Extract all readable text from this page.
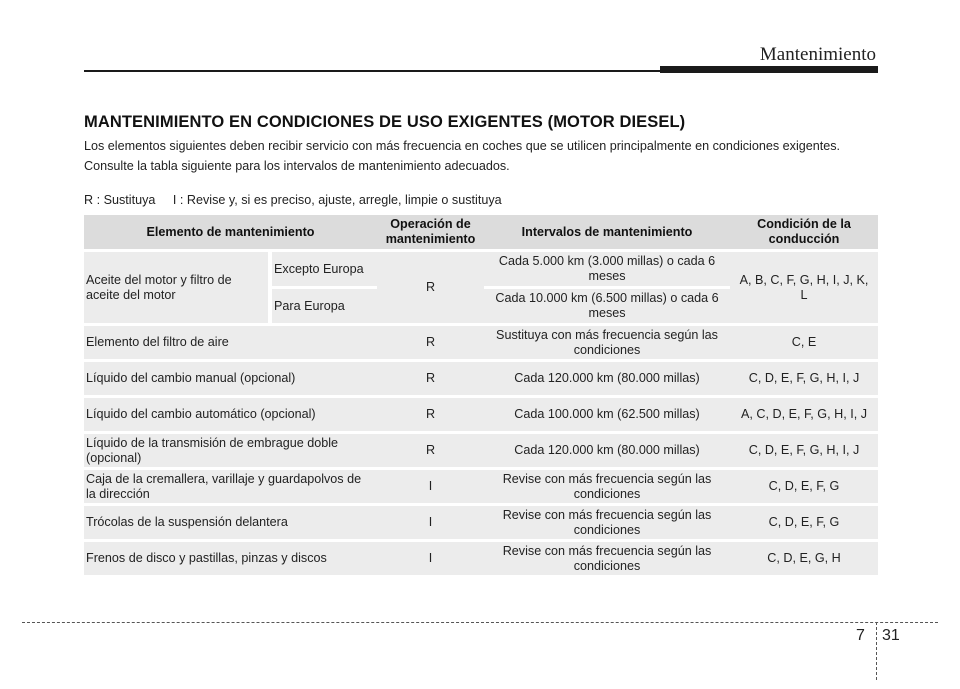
Mantenimiento
MANTENIMIENTO EN CONDICIONES DE USO EXIGENTES (MOTOR DIESEL)

Los elementos siguientes deben recibir servicio con más frecuencia en coches que se utilicen principalmente en condiciones exigentes.

Consulte la tabla siguiente para los intervalos de mantenimiento adecuados.

R : Sustituya     I : Revise y, si es preciso, ajuste, arregle, limpie o sustituya
Elemento de mantenimiento		Operación de mantenimiento	Intervalos de mantenimiento	Condición de la conducción
Aceite del motor y filtro de aceite del motor	Excepto Europa	R	Cada 5.000 km (3.000 millas) o cada 6 meses	A, B, C, F, G, H, I, J, K, L
	Para Europa		Cada 10.000 km (6.500 millas) o cada 6 meses	
Elemento del filtro de aire		R	Sustituya con más frecuencia según las condiciones	C, E
Líquido del cambio manual (opcional)		R	Cada 120.000 km (80.000 millas)	C, D, E, F, G, H, I, J
Líquido del cambio automático (opcional)		R	Cada 100.000 km (62.500 millas)	A, C, D, E, F, G, H, I, J
Líquido de la transmisión de embrague doble (opcional)		R	Cada 120.000 km (80.000 millas)	C, D, E, F, G, H, I, J
Caja de la cremallera, varillaje y guardapolvos de la dirección		I	Revise con más frecuencia según las condiciones	C, D, E, F, G
Trócolas de la suspensión delantera		I	Revise con más frecuencia según las condiciones	C, D, E, F, G
Frenos de disco y pastillas, pinzas y discos		I	Revise con más frecuencia según las condiciones	C, D, E, G, H
7 31
